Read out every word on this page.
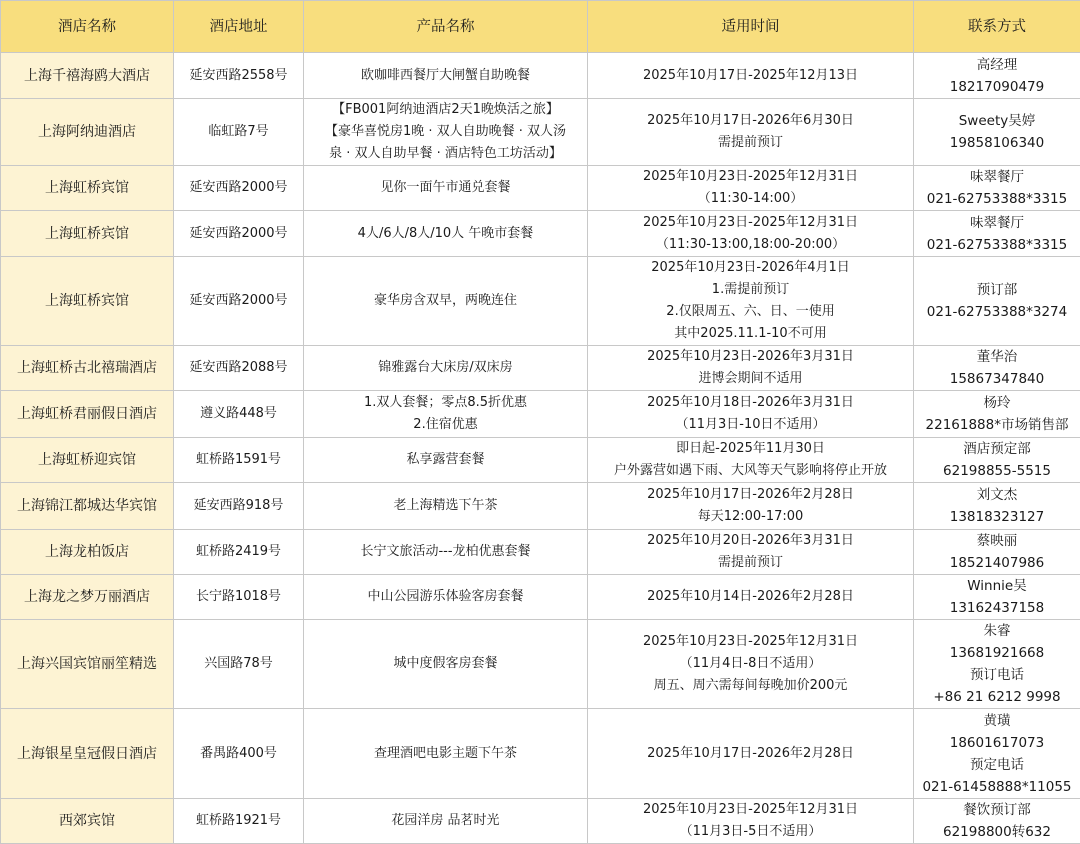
酒店名称	酒店地址	产品名称	适用时间	联系方式
上海千禧海鸥大酒店	延安西路2558号	欧咖啡西餐厅大闸蟹自助晚餐	2025年10月17日-2025年12月13日	高经理
18217090479

上海阿纳迪酒店	临虹路7号	【FB001阿纳迪酒店2天1晚焕活之旅】
【豪华喜悦房1晚 · 双人自助晚餐 · 双人汤
泉 · 双人自助早餐 · 酒店特色工坊活动】	2025年10月17日-2026年6月30日
需提前预订	Sweety吴婷
19858106340

上海虹桥宾馆	延安西路2000号	见你一面午市通兑套餐	2025年10月23日-2025年12月31日
（11:30-14:00）	味翠餐厅
021-62753388*3315

上海虹桥宾馆	延安西路2000号	4人/6人/8人/10人 午晚市套餐	2025年10月23日-2025年12月31日
（11:30-13:00,18:00-20:00）	味翠餐厅
021-62753388*3315

上海虹桥宾馆	延安西路2000号	豪华房含双早，两晚连住	2025年10月23日-2026年4月1日
1.需提前预订
2.仅限周五、六、日、一使用
其中2025.11.1-10不可用	预订部
021-62753388*3274

上海虹桥古北禧瑞酒店	延安西路2088号	锦雅露台大床房/双床房	2025年10月23日-2026年3月31日
进博会期间不适用	董华治
15867347840

上海虹桥君丽假日酒店	遵义路448号	1.双人套餐；零点8.5折优惠
2.住宿优惠	2025年10月18日-2026年3月31日
（11月3日-10日不适用）	杨玲
22161888*市场销售部

上海虹桥迎宾馆	虹桥路1591号	私享露营套餐	即日起-2025年11月30日
户外露营如遇下雨、大风等天气影响将停止开放	酒店预定部
62198855-5515

上海锦江都城达华宾馆	延安西路918号	老上海精选下午茶	2025年10月17日-2026年2月28日
每天12:00-17:00	刘文杰
13818323127

上海龙柏饭店	虹桥路2419号	长宁文旅活动---龙柏优惠套餐	2025年10月20日-2026年3月31日
需提前预订	蔡映丽
18521407986

上海龙之梦万丽酒店	长宁路1018号	中山公园游乐体验客房套餐	2025年10月14日-2026年2月28日	Winnie吴
13162437158

上海兴国宾馆丽笙精选	兴国路78号	城中度假客房套餐	2025年10月23日-2025年12月31日
（11月4日-8日不适用）
周五、周六需每间每晚加价200元	朱睿
13681921668
预订电话
+86 21 6212 9998

上海银星皇冠假日酒店	番禺路400号	查理酒吧电影主题下午茶	2025年10月17日-2026年2月28日	黄璜
18601617073
预定电话
021-61458888*11055

西郊宾馆	虹桥路1921号	花园洋房 品茗时光	2025年10月23日-2025年12月31日
（11月3日-5日不适用）	餐饮预订部
62198800转632
